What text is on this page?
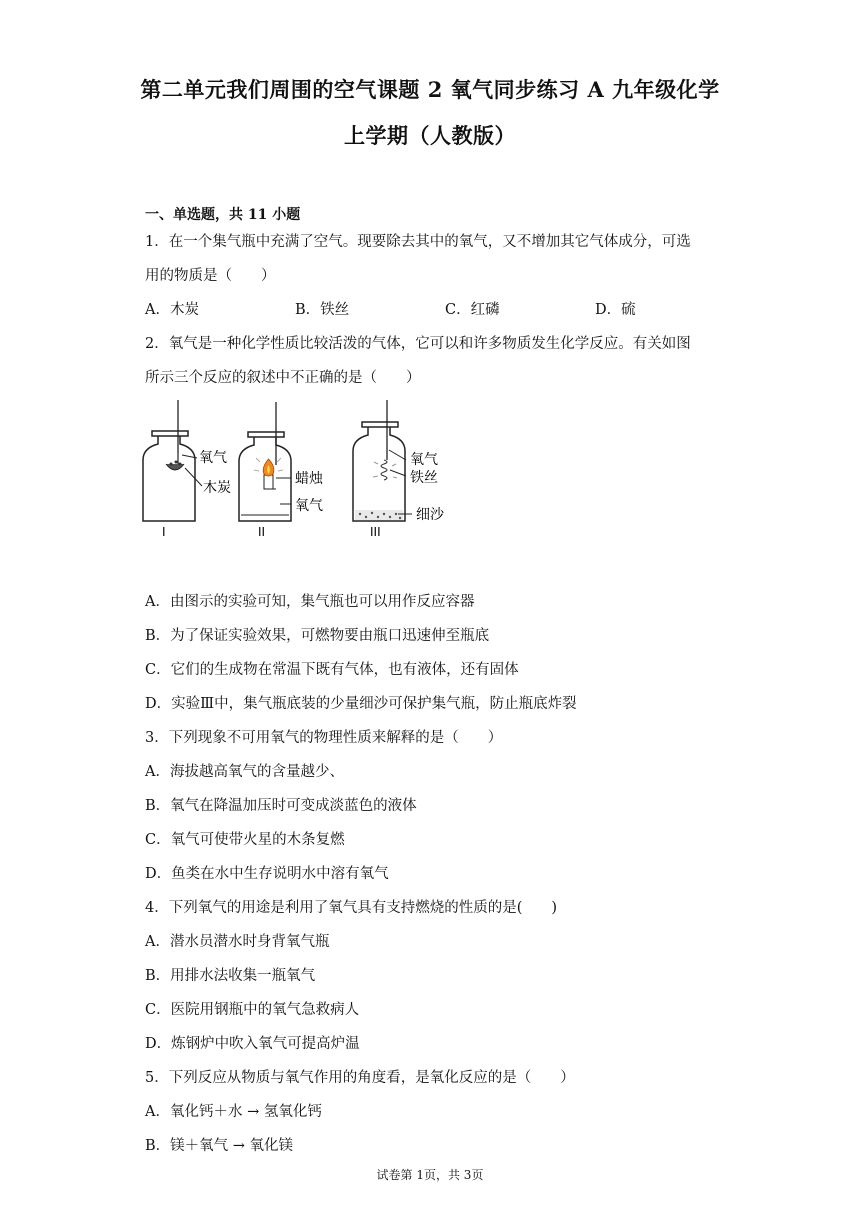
第二单元我们周围的空气课题 2 氧气同步练习 A 九年级化学
上学期（人教版）
一、单选题，共 11 小题
1．在一个集气瓶中充满了空气。现要除去其中的氧气，又不增加其它气体成分，可选
用的物质是（　　）
A．木炭	B．铁丝	C．红磷	D．硫
2．氧气是一种化学性质比较活泼的气体，它可以和许多物质发生化学反应。有关如图
所示三个反应的叙述中不正确的是（　　）
氧气
木炭
I
蜡烛
氧气
II
氧气
铁丝
细沙
III
A．由图示的实验可知，集气瓶也可以用作反应容器
B．为了保证实验效果，可燃物要由瓶口迅速伸至瓶底
C．它们的生成物在常温下既有气体，也有液体，还有固体
D．实验Ⅲ中，集气瓶底装的少量细沙可保护集气瓶，防止瓶底炸裂
3．下列现象不可用氧气的物理性质来解释的是（　　）
A．海拔越高氧气的含量越少、
B．氧气在降温加压时可变成淡蓝色的液体
C．氧气可使带火星的木条复燃
D．鱼类在水中生存说明水中溶有氧气
4．下列氧气的用途是利用了氧气具有支持燃烧的性质的是(　　)
A．潜水员潜水时身背氧气瓶
B．用排水法收集一瓶氧气
C．医院用钢瓶中的氧气急救病人
D．炼钢炉中吹入氧气可提高炉温
5．下列反应从物质与氧气作用的角度看，是氧化反应的是（　　）
A．氧化钙＋水 → 氢氧化钙
B．镁＋氧气 → 氧化镁
试卷第 1页，共 3页
